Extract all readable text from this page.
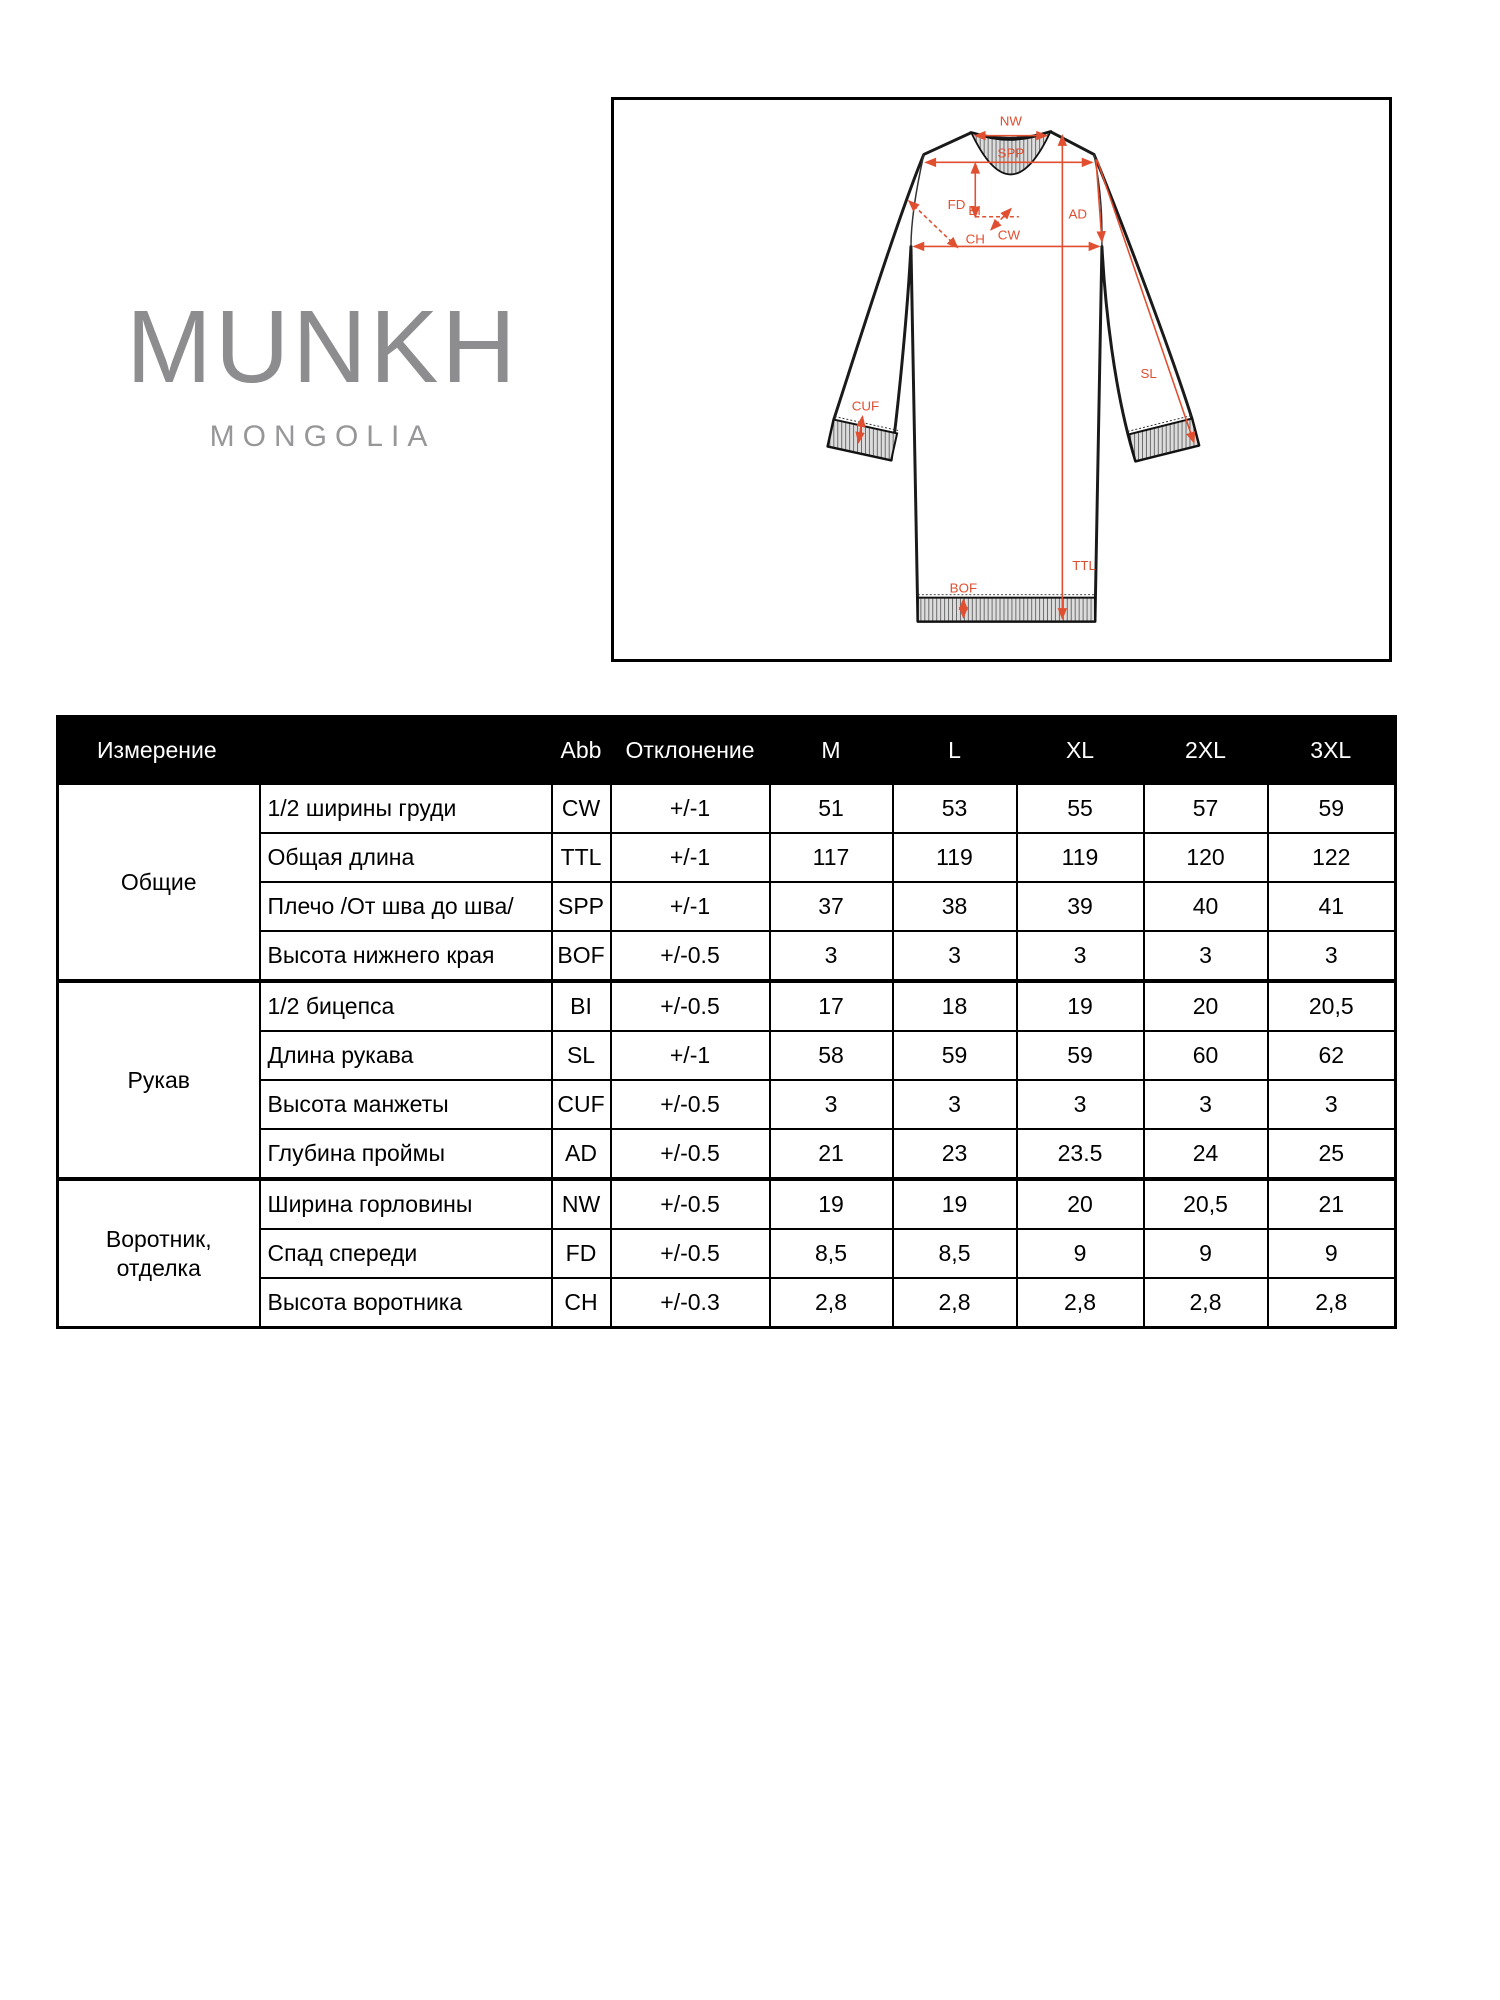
MUNKH
MONGOLIA
NW
SPP
FD
CH
BI
CW
AD
SL
CUF
TTL
BOF
Измерение		Abb	Отклонение	M	L	XL	2XL	3XL
Общие	1/2 ширины груди	CW	+/-1	51	53	55	57	59
	Общая длина	TTL	+/-1	117	119	119	120	122
	Плечо /От шва до шва/	SPP	+/-1	37	38	39	40	41
	Высота нижнего края	BOF	+/-0.5	3	3	3	3	3
Рукав	1/2 бицепса	BI	+/-0.5	17	18	19	20	20,5
	Длина рукава	SL	+/-1	58	59	59	60	62
	Высота манжеты	CUF	+/-0.5	3	3	3	3	3
	Глубина проймы	AD	+/-0.5	21	23	23.5	24	25
Воротник, отделка	Ширина горловины	NW	+/-0.5	19	19	20	20,5	21
	Спад спереди	FD	+/-0.5	8,5	8,5	9	9	9
	Высота воротника	CH	+/-0.3	2,8	2,8	2,8	2,8	2,8
